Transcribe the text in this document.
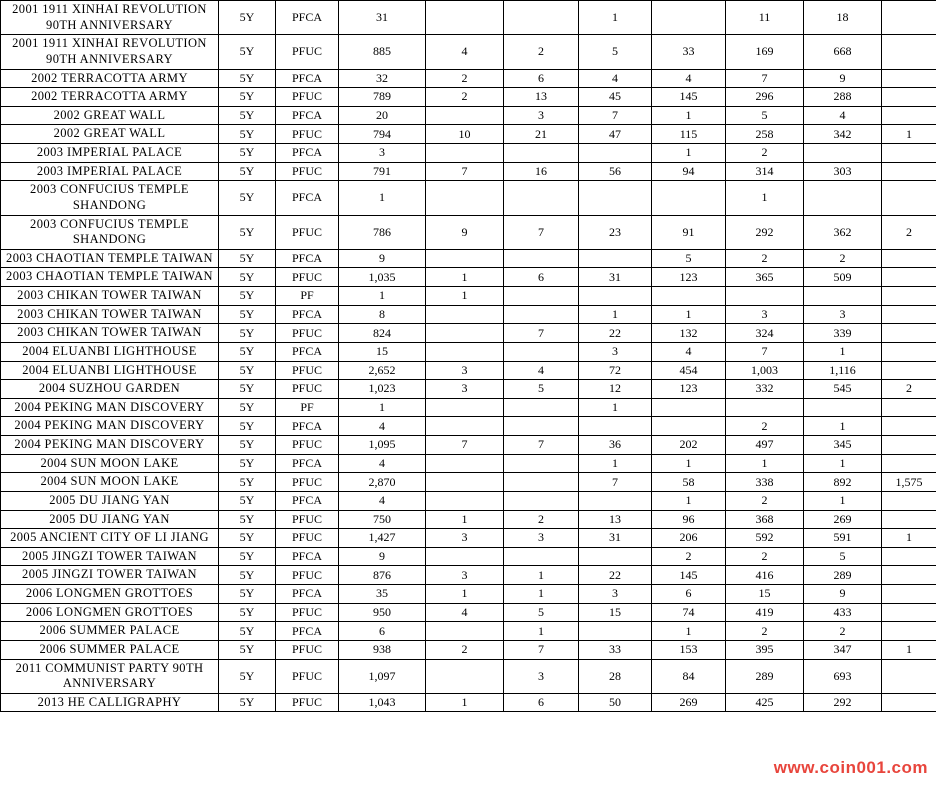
2001 1911 XINHAI REVOLUTION 90TH ANNIVERSARY	5Y	PFCA	31			1		11	18	
2001 1911 XINHAI REVOLUTION 90TH ANNIVERSARY	5Y	PFUC	885	4	2	5	33	169	668	
2002 TERRACOTTA ARMY	5Y	PFCA	32	2	6	4	4	7	9	
2002 TERRACOTTA ARMY	5Y	PFUC	789	2	13	45	145	296	288	
2002 GREAT WALL	5Y	PFCA	20		3	7	1	5	4	
2002 GREAT WALL	5Y	PFUC	794	10	21	47	115	258	342	1
2003 IMPERIAL PALACE	5Y	PFCA	3				1	2		
2003 IMPERIAL PALACE	5Y	PFUC	791	7	16	56	94	314	303	
2003 CONFUCIUS TEMPLE SHANDONG	5Y	PFCA	1					1		
2003 CONFUCIUS TEMPLE SHANDONG	5Y	PFUC	786	9	7	23	91	292	362	2
2003 CHAOTIAN TEMPLE TAIWAN	5Y	PFCA	9				5	2	2	
2003 CHAOTIAN TEMPLE TAIWAN	5Y	PFUC	1,035	1	6	31	123	365	509	
2003 CHIKAN TOWER TAIWAN	5Y	PF	1	1						
2003 CHIKAN TOWER TAIWAN	5Y	PFCA	8			1	1	3	3	
2003 CHIKAN TOWER TAIWAN	5Y	PFUC	824		7	22	132	324	339	
2004 ELUANBI LIGHTHOUSE	5Y	PFCA	15			3	4	7	1	
2004 ELUANBI LIGHTHOUSE	5Y	PFUC	2,652	3	4	72	454	1,003	1,116	
2004 SUZHOU GARDEN	5Y	PFUC	1,023	3	5	12	123	332	545	2
2004 PEKING MAN DISCOVERY	5Y	PF	1			1				
2004 PEKING MAN DISCOVERY	5Y	PFCA	4					2	1	
2004 PEKING MAN DISCOVERY	5Y	PFUC	1,095	7	7	36	202	497	345	
2004 SUN MOON LAKE	5Y	PFCA	4			1	1	1	1	
2004 SUN MOON LAKE	5Y	PFUC	2,870			7	58	338	892	1,575
2005 DU JIANG YAN	5Y	PFCA	4				1	2	1	
2005 DU JIANG YAN	5Y	PFUC	750	1	2	13	96	368	269	
2005 ANCIENT CITY OF LI JIANG	5Y	PFUC	1,427	3	3	31	206	592	591	1
2005 JINGZI TOWER TAIWAN	5Y	PFCA	9				2	2	5	
2005 JINGZI TOWER TAIWAN	5Y	PFUC	876	3	1	22	145	416	289	
2006 LONGMEN GROTTOES	5Y	PFCA	35	1	1	3	6	15	9	
2006 LONGMEN GROTTOES	5Y	PFUC	950	4	5	15	74	419	433	
2006 SUMMER PALACE	5Y	PFCA	6		1		1	2	2	
2006 SUMMER PALACE	5Y	PFUC	938	2	7	33	153	395	347	1
2011 COMMUNIST PARTY 90TH ANNIVERSARY	5Y	PFUC	1,097		3	28	84	289	693	
2013 HE CALLIGRAPHY	5Y	PFUC	1,043	1	6	50	269	425	292	
www.coin001.com
